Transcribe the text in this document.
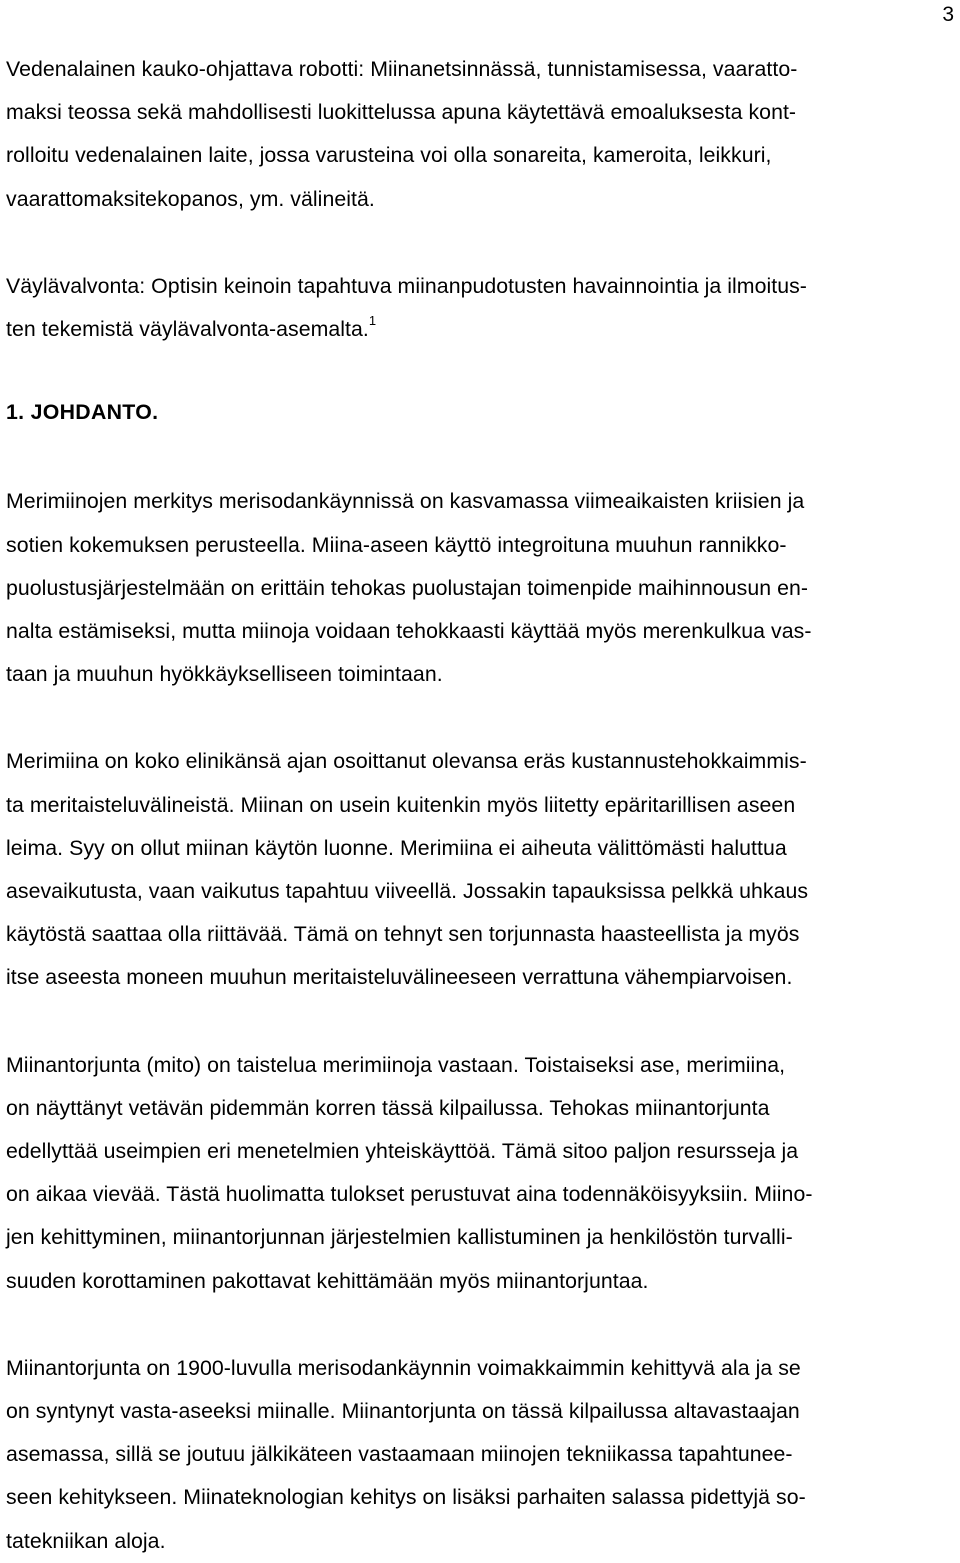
3

Vedenalainen kauko-ohjattava robotti: Miinanetsinnässä, tunnistamisessa, vaaratto-
maksi teossa sekä mahdollisesti luokittelussa apuna käytettävä emoaluksesta kont-
rolloitu vedenalainen laite, jossa varusteina voi olla sonareita, kameroita, leikkuri,
vaarattomaksitekopanos, ym. välineitä.

Väylävalvonta: Optisin keinoin tapahtuva miinanpudotusten havainnointia ja ilmoitus-
ten tekemistä väylävalvonta-asemalta.$^1$

1. JOHDANTO.

Merimiinojen merkitys merisodankäynnissä on kasvamassa viimeaikaisten kriisien ja
sotien kokemuksen perusteella. Miina-aseen käyttö integroituna muuhun rannikko-
puolustusjärjestelmään on erittäin tehokas puolustajan toimenpide maihinnousun en-
nalta estämiseksi, mutta miinoja voidaan tehokkaasti käyttää myös merenkulkua vas-
taan ja muuhun hyökkäykselliseen toimintaan.

Merimiina on koko elinikänsä ajan osoittanut olevansa eräs kustannustehokkaimmis-
ta meritaisteluvälineistä. Miinan on usein kuitenkin myös liitetty epäritarillisen aseen
leima. Syy on ollut miinan käytön luonne. Merimiina ei aiheuta välittömästi haluttua
asevaikutusta, vaan vaikutus tapahtuu viiveellä. Jossakin tapauksissa pelkkä uhkaus
käytöstä saattaa olla riittävää. Tämä on tehnyt sen torjunnasta haasteellista ja myös
itse aseesta moneen muuhun meritaisteluvälineeseen verrattuna vähempiarvoisen.

Miinantorjunta (mito) on taistelua merimiinoja vastaan. Toistaiseksi ase, merimiina,
on näyttänyt vetävän pidemmän korren tässä kilpailussa. Tehokas miinantorjunta
edellyttää useimpien eri menetelmien yhteiskäyttöä. Tämä sitoo paljon resursseja ja
on aikaa vievää. Tästä huolimatta tulokset perustuvat aina todennäköisyyksiin. Miino-
jen kehittyminen, miinantorjunnan järjestelmien kallistuminen ja henkilöstön turvalli-
suuden korottaminen pakottavat kehittämään myös miinantorjuntaa.

Miinantorjunta on 1900-luvulla merisodankäynnin voimakkaimmin kehittyvä ala ja se
on syntynyt vasta-aseeksi miinalle. Miinantorjunta on tässä kilpailussa altavastaajan
asemassa, sillä se joutuu jälkikäteen vastaamaan miinojen tekniikassa tapahtunee-
seen kehitykseen. Miinateknologian kehitys on lisäksi parhaiten salassa pidettyjä so-
tatekniikan aloja.
